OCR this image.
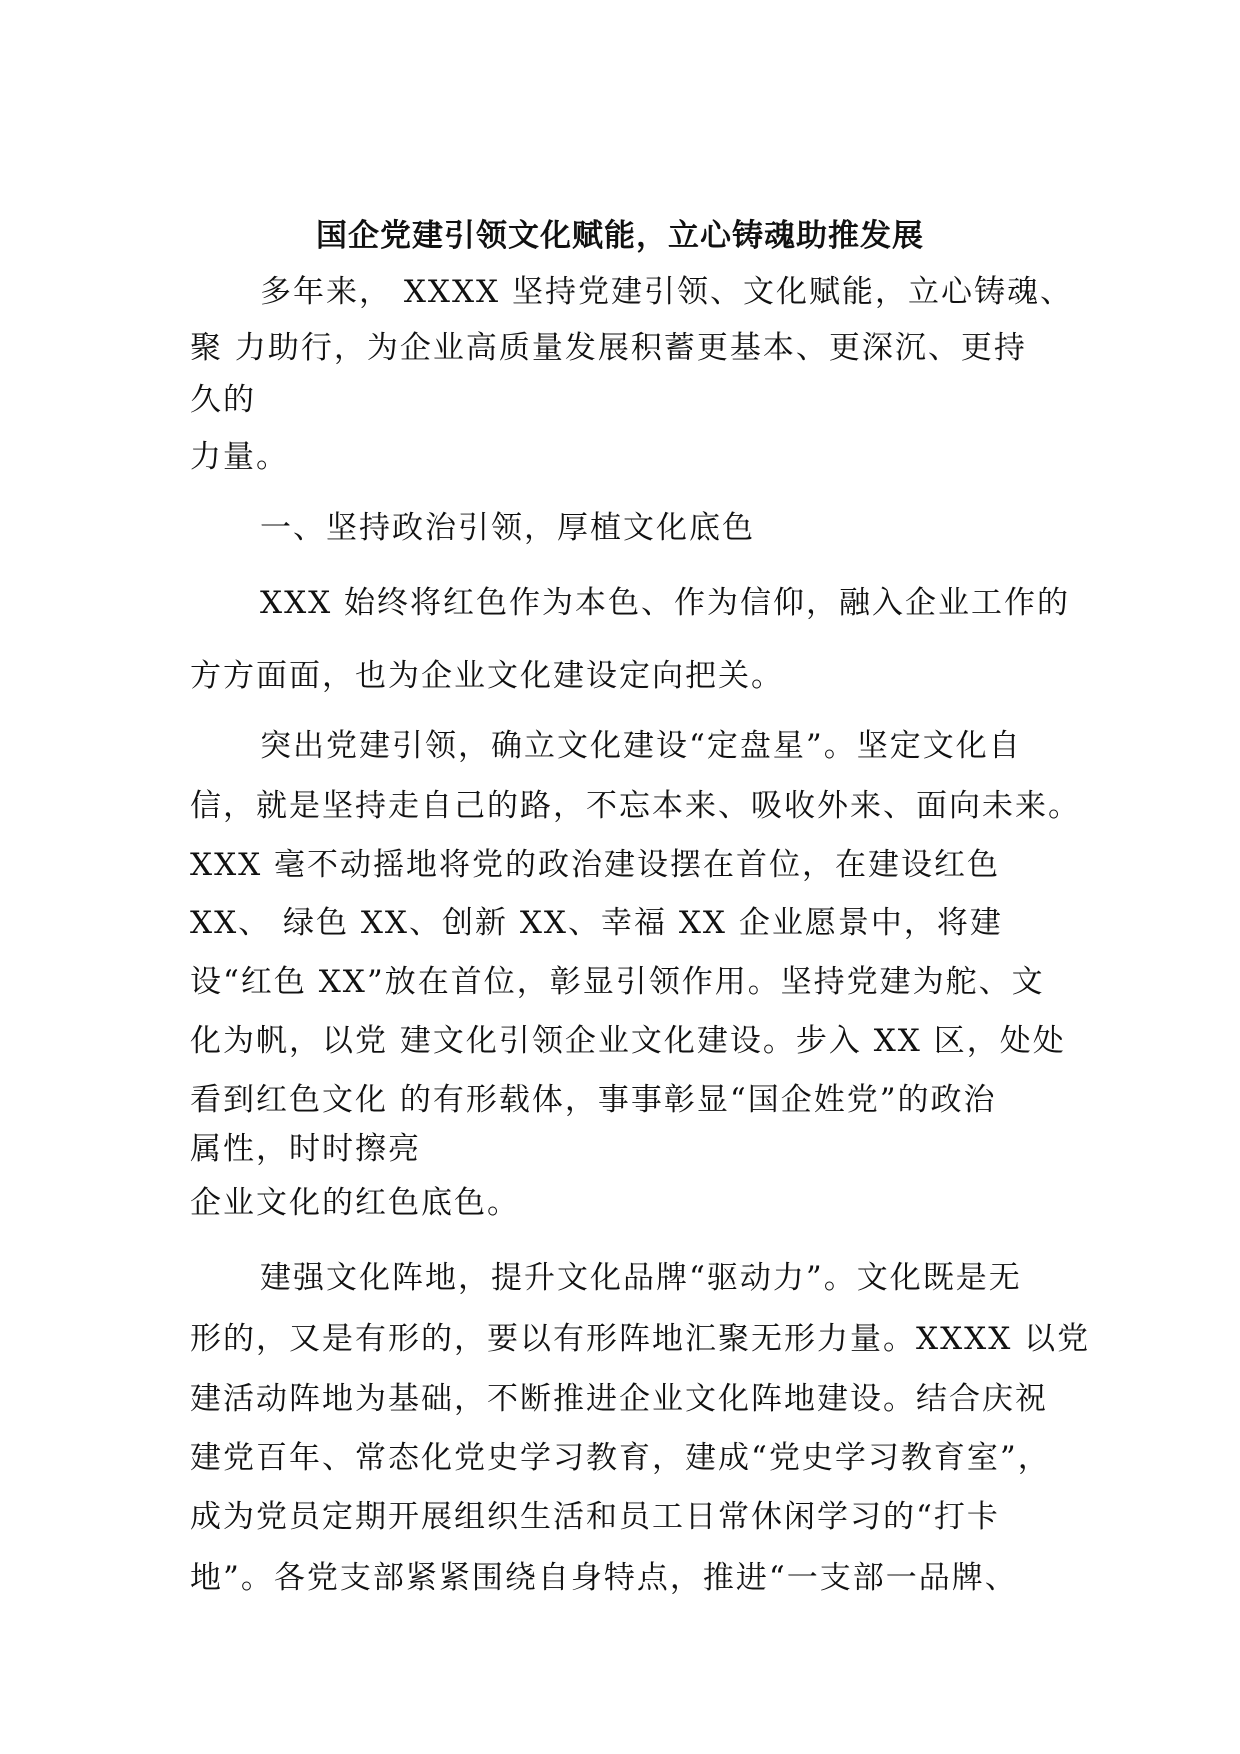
国企党建引领文化赋能，立心铸魂助推发展
多年来， XXXX 坚持党建引领、文化赋能，立心铸魂、
聚 力助行，为企业高质量发展积蓄更基本、更深沉、更持
久的
力量。
一、坚持政治引领，厚植文化底色
XXX 始终将红色作为本色、作为信仰，融入企业工作的
方方面面，也为企业文化建设定向把关。
突出党建引领，确立文化建设“定盘星”。坚定文化自
信，就是坚持走自己的路，不忘本来、吸收外来、面向未来。
XXX 毫不动摇地将党的政治建设摆在首位，在建设红色
XX、 绿色 XX、创新 XX、幸福 XX 企业愿景中，将建
设“红色 XX”放在首位，彰显引领作用。坚持党建为舵、文
化为帆，以党 建文化引领企业文化建设。步入 XX 区，处处
看到红色文化 的有形载体，事事彰显“国企姓党”的政治
属性，时时擦亮
企业文化的红色底色。
建强文化阵地，提升文化品牌“驱动力”。文化既是无
形的，又是有形的，要以有形阵地汇聚无形力量。XXXX 以党
建活动阵地为基础，不断推进企业文化阵地建设。结合庆祝
建党百年、常态化党史学习教育，建成“党史学习教育室”，
成为党员定期开展组织生活和员工日常休闲学习的“打卡
地”。各党支部紧紧围绕自身特点，推进“一支部一品牌、
